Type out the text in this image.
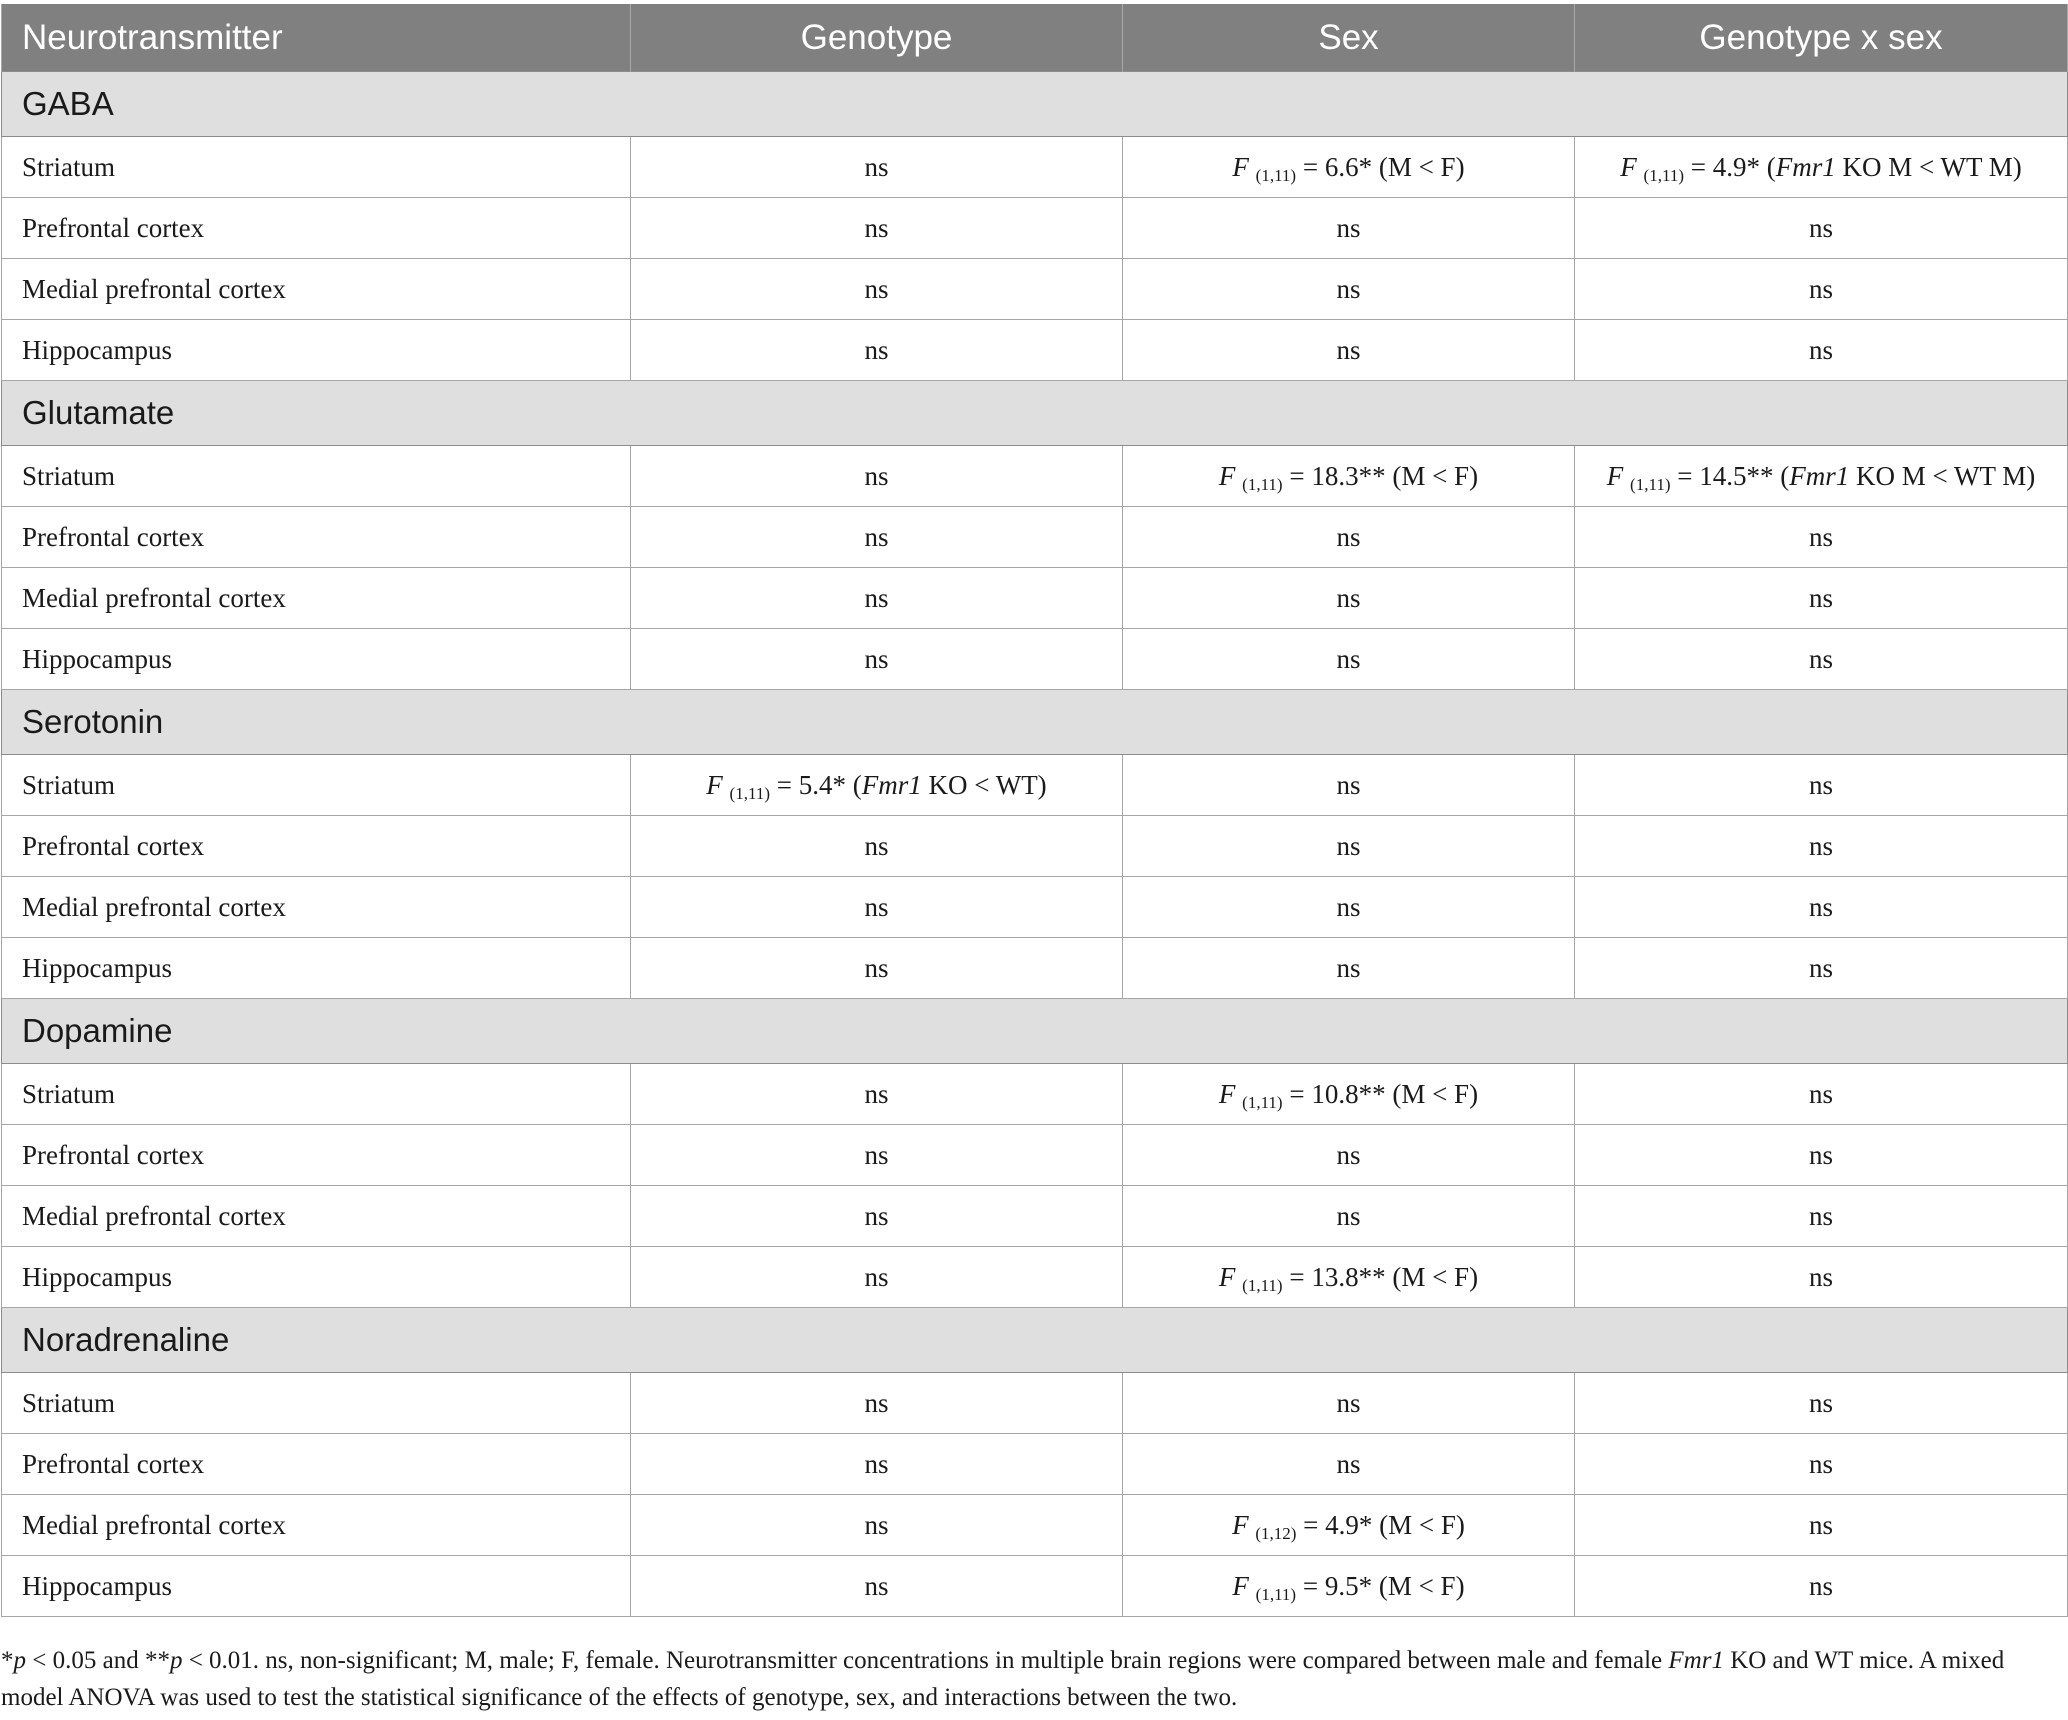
Neurotransmitter	Genotype	Sex	Genotype x sex
GABA			
Striatum	ns	F (1,11) = 6.6* (M < F)	F (1,11) = 4.9* (Fmr1 KO M < WT M)
Prefrontal cortex	ns	ns	ns
Medial prefrontal cortex	ns	ns	ns
Hippocampus	ns	ns	ns
Glutamate			
Striatum	ns	F (1,11) = 18.3** (M < F)	F (1,11) = 14.5** (Fmr1 KO M < WT M)
Prefrontal cortex	ns	ns	ns
Medial prefrontal cortex	ns	ns	ns
Hippocampus	ns	ns	ns
Serotonin			
Striatum	F (1,11) = 5.4* (Fmr1 KO < WT)	ns	ns
Prefrontal cortex	ns	ns	ns
Medial prefrontal cortex	ns	ns	ns
Hippocampus	ns	ns	ns
Dopamine			
Striatum	ns	F (1,11) = 10.8** (M < F)	ns
Prefrontal cortex	ns	ns	ns
Medial prefrontal cortex	ns	ns	ns
Hippocampus	ns	F (1,11) = 13.8** (M < F)	ns
Noradrenaline			
Striatum	ns	ns	ns
Prefrontal cortex	ns	ns	ns
Medial prefrontal cortex	ns	F (1,12) = 4.9* (M < F)	ns
Hippocampus	ns	F (1,11) = 9.5* (M < F)	ns
*p < 0.05 and **p < 0.01. ns, non-significant; M, male; F, female. Neurotransmitter concentrations in multiple brain regions were compared between male and female Fmr1 KO and WT mice. A mixed model ANOVA was used to test the statistical significance of the effects of genotype, sex, and interactions between the two.
